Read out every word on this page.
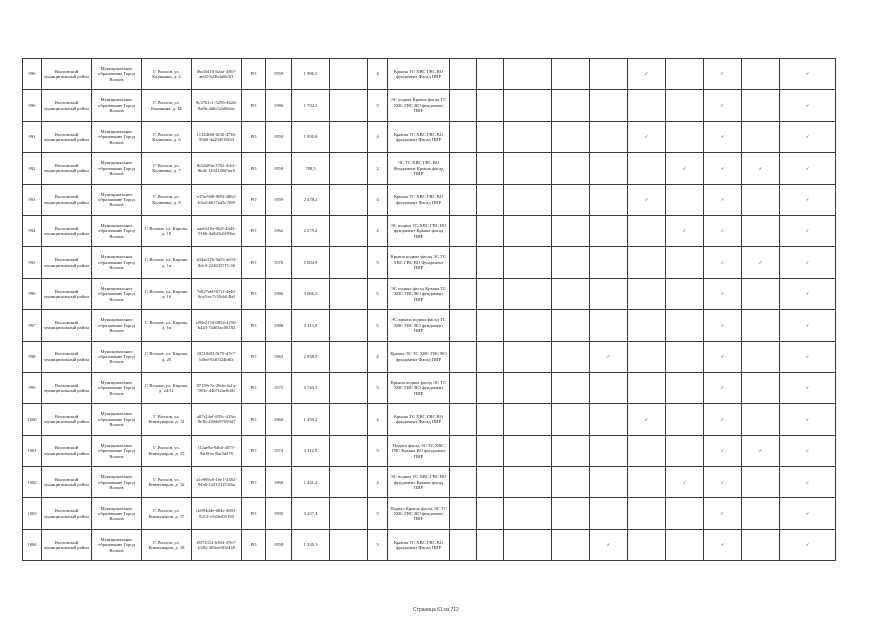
990	Волховский муниципальный район	Муниципальное образование Город Волхов	Г. Волхов, ул. Калинина, д. 4	f8a45d10-b2aa-4367-ae02-b23b4a6b3f1	РО	1959	1 986,5		4	Крыша ТС ХВС ГВС ВО фундамент Фасад ПИР						✓		✓		✓		
990	Волховский муниципальный район	Муниципальное образование Город Волхов	Г. Волхов, ул. Калинина, д. 4Б	8c37b1c1-5256-462d-8a8b-4d6c52a062ac	РО	1986	1 702,3		5	ЭС подвал Крыша фасад ТС ХВС ГВС ВО фундамент ПИР								✓		✓		
991	Волховский муниципальный район	Муниципальное образование Город Волхов	Г. Волхов, ул. Калинина, д. 6	11344f60-6f30-4736-9560-4a294518f34	РО	1959	1 950,8		4	Крыша ТС ХВС ГВС ВО фундамент Фасад ПИР						✓		✓		✓		
992	Волховский муниципальный район	Муниципальное образование Город Волхов	Г. Волхов, ул. Калинина, д. 7	fb32a09a-3702-4cb1-8b4f-1434140d5ee5	РО	1950	788,5		2	ЭС ТС ХВС ГВС ВО Фундамент Крыша фасад ПИР							✓	✓	✓	✓		
993	Волховский муниципальный район	Муниципальное образование Город Волхов	Г. Волхов, ул. Калинина, д. 8	e37ac908-9f83-4862-b3e2-b617a45c7f69	РО	1959	2 478,2		4	Крыша ТС ХВС ГВС ВО фундамент Фасад ПИР						✓		✓		✓		
994	Волховский муниципальный район	Муниципальное образование Город Волхов	Г. Волхов, ул. Кирова, д. 18	aae0c1fb-f0a9-43d3-9166-4a8d3c0f39ba	РО	1962	2 275,2		4	ЭС подвал ТС ХВС ГВС ВО фундамент Крыша фасад ПИР							✓	✓		✓		
995	Волховский муниципальный район	Муниципальное образование Город Волхов	Г. Волхов, ул. Кирова, д. 1а	a04ac57b-9a53-4e93-8dc3-2236357f7c36	РО	1970	5 004,9		5	Крыша подвал фасад ЭС ТС ХВС ГВС ВО Фундамент ПИР								✓	✓	✓		
996	Волховский муниципальный район	Муниципальное образование Город Волхов	Г. Волхов, ул. Кирова, д. 16	7e027eb0-87cf-4a40-8ca5-ec7c59da14b0	РО	1986	3 066,3		5	ЭС подвал фасад Крыша ТС ХВС ГВС ВО фундамент ПИР								✓		✓		
997	Волховский муниципальный район	Муниципальное образование Город Волхов	Г. Волхов, ул. Кирова, д. 1в	e98e2134-0854-4250-b443-7ad03ac08182	РО	1988	3 113,8		5	ЭС крыша подвал фасад ТС ХВС ГВС ВО фундамент ПИР								✓		✓		
998	Волховский муниципальный район	Муниципальное образование Город Волхов	Г. Волхов, ул. Кирова, д. 20	18510f02-5f70-47e7-b5bd-94f0324b8fa	РО	1963	2 058,9		4	Крыша ЭС ТС ХВС ГВС ВО фундамент Фасад ПИР					✓			✓		✓		
999	Волховский муниципальный район	Муниципальное образование Город Волхов	Г. Волхов, ул. Кирова, д. 24/11	87159e7e-29da-4a1a-983c-4467f2ae8c60	РО	1975	3 743,5		5	Крыша подвал фасад ЭС ТС ХВС ГВС ВО фундамент ПИР								✓		✓		
1000	Волховский муниципальный район	Муниципальное образование Город Волхов	Г. Волхов, ул. Коммунаров, д. 14	a87a14ef-d35c-419a-8e3b-449de97059d7	РО	1960	1 459,2		4	Крыша ТС ХВС ГВС ВО фундамент Фасад ПИР						✓		✓		✓		
1001	Волховский муниципальный район	Муниципальное образование Город Волхов	Г. Волхов, ул. Коммунаров, д. 15	f12ae9a-9db3-4075-9a00-bc5be3d478	РО	1974	3 112,9		5	Подвал фасад ЭС ТС ХВС ГВС Крыша ВО фундамент ПИР								✓	✓	✓		
1002	Волховский муниципальный район	Муниципальное образование Город Волхов	Г. Волхов, ул. Коммунаров, д. 16	a1e969c8-10e1-4382-94a6-122131251f6e	РО	1960	1 441,2		4	ЭС подвал ТС ХВС ГВС ВО фундамент Крыша фасад ПИР							✓	✓		✓		
1003	Волховский муниципальный район	Муниципальное образование Город Волхов	Г. Волхов, ул. Коммунаров, д. 17	cb994d4e-d04e-4693-8213-c5d4ef05194	РО	1995	3 437,4		5	Подвал Крыша фасад ЭС ТС ХВС ГВС ВО фундамент ПИР								✓		✓		
1004	Волховский муниципальный район	Муниципальное образование Город Волхов	Г. Волхов, ул. Коммунаров, д. 18	f9f72312-b504-47b7-b38a-4f0ea1002438	РО	1958	1 320,3		3	Крыша ТС ХВС ГВС ВО фундамент Фасад ПИР					✓			✓		✓		
Страница 61 из 712
